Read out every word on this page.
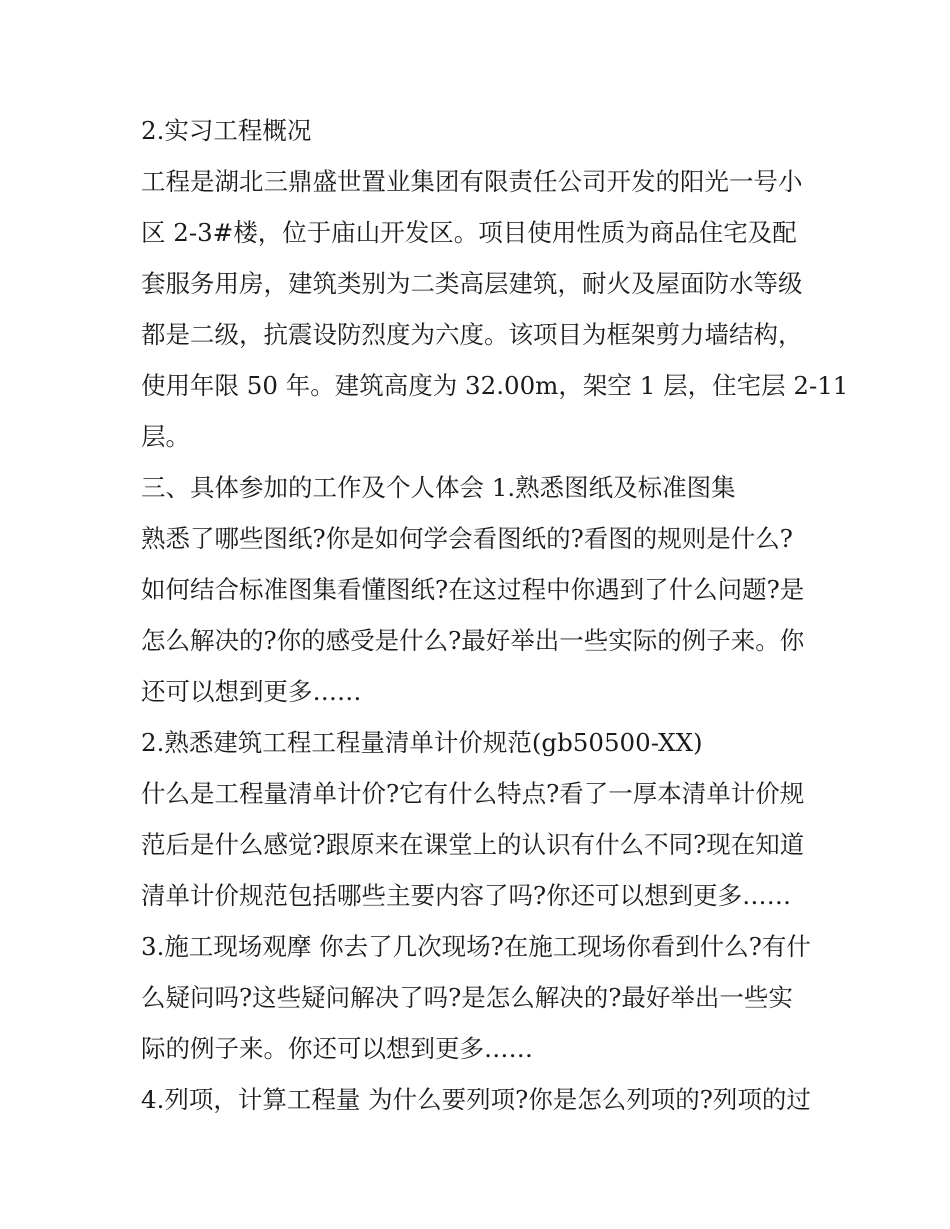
2.实习工程概况
工程是湖北三鼎盛世置业集团有限责任公司开发的阳光一号小
区 2-3#楼，位于庙山开发区。项目使用性质为商品住宅及配
套服务用房，建筑类别为二类高层建筑，耐火及屋面防水等级
都是二级，抗震设防烈度为六度。该项目为框架剪力墙结构，
使用年限 50 年。建筑高度为 32.00m，架空 1 层，住宅层 2-11
层。
三、具体参加的工作及个人体会 1.熟悉图纸及标准图集
熟悉了哪些图纸?你是如何学会看图纸的?看图的规则是什么?
如何结合标准图集看懂图纸?在这过程中你遇到了什么问题?是
怎么解决的?你的感受是什么?最好举出一些实际的例子来。你
还可以想到更多……
2.熟悉建筑工程工程量清单计价规范(gb50500-XX)
什么是工程量清单计价?它有什么特点?看了一厚本清单计价规
范后是什么感觉?跟原来在课堂上的认识有什么不同?现在知道
清单计价规范包括哪些主要内容了吗?你还可以想到更多……
3.施工现场观摩 你去了几次现场?在施工现场你看到什么?有什
么疑问吗?这些疑问解决了吗?是怎么解决的?最好举出一些实
际的例子来。你还可以想到更多……
4.列项，计算工程量 为什么要列项?你是怎么列项的?列项的过
